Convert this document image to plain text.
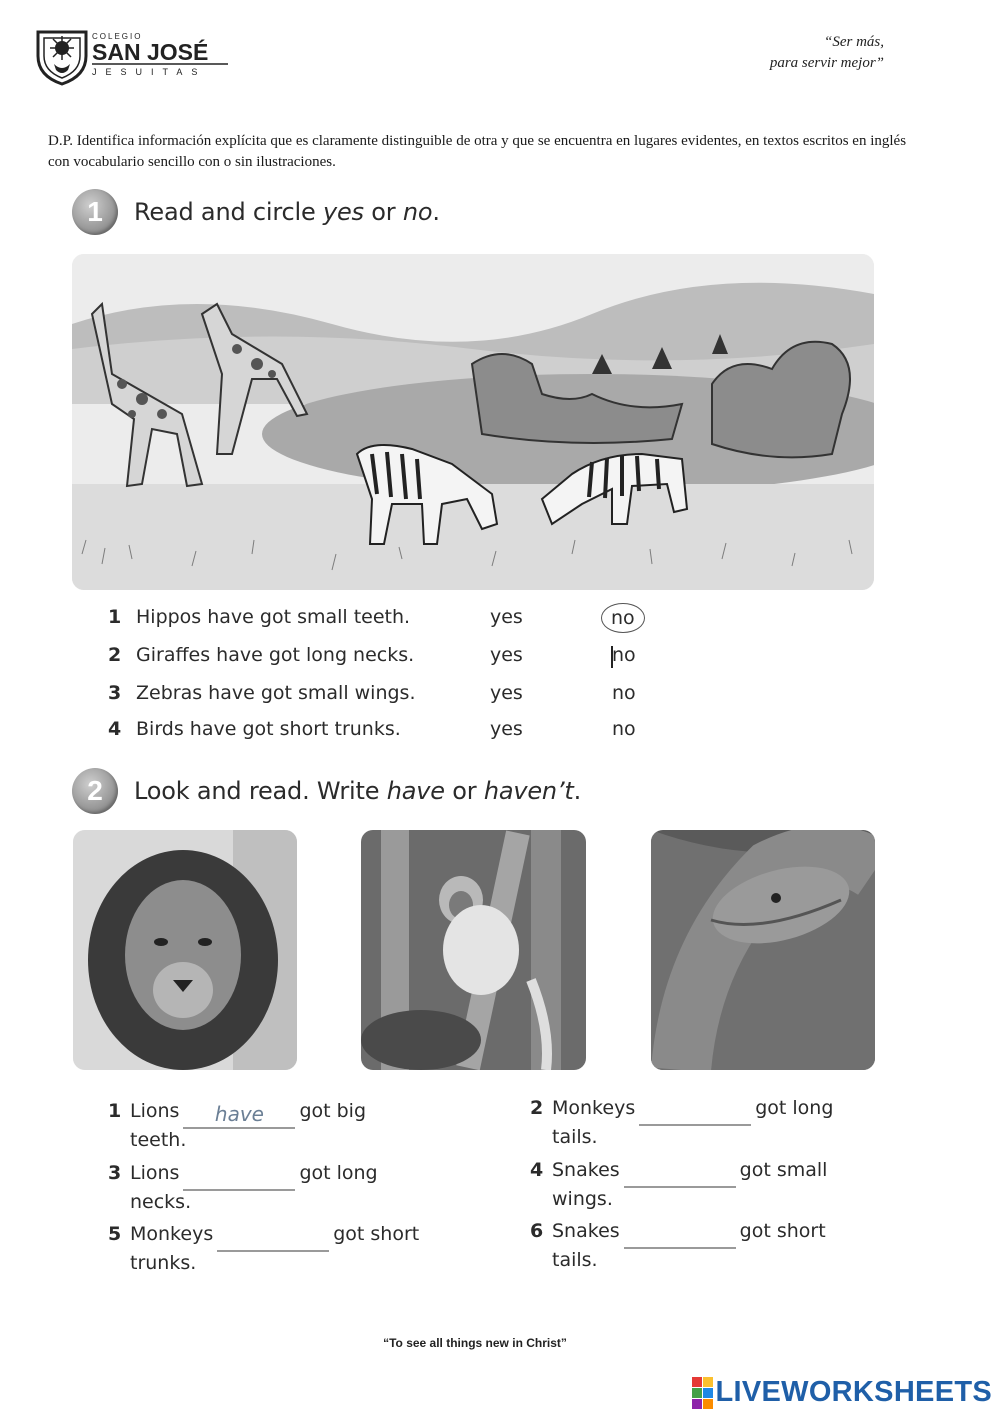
COLEGIO
SAN JOSÉ
JESUITAS
“Ser más,
para servir mejor”
D.P. Identifica información explícita que es claramente distinguible de otra y que se encuentra en lugares evidentes, en textos escritos en inglés con vocabulario sencillo con o sin ilustraciones.
1	Read and circle yes or no.
1 Hippos have got small teeth.	yes	no
2 Giraffes have got long necks.	yes	no
3 Zebras have got small wings.	yes	no
4 Birds have got short trunks.	yes	no
2	Look and read. Write have or haven’t.
1 Lionshave	got big
teeth.
2 Monkeys	got long
tails.
3 Lions	got long
necks.
4 Snakes	got small
wings.
5 Monkeys	got short
trunks.
6 Snakes	got short
tails.
“To see all things new in Christ”
LIVEWORKSHEETS
